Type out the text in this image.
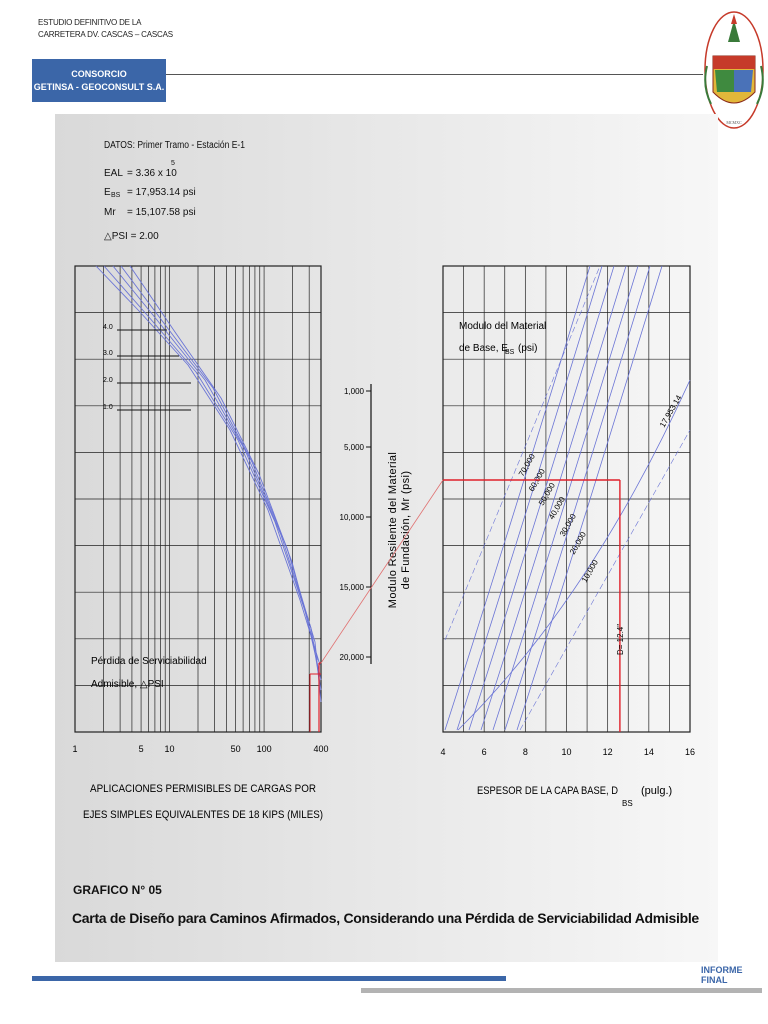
ESTUDIO DEFINITIVO DE LA
CARRETERA DV. CASCAS – CASCAS
CONSORCIO
GETINSA - GEOCONSULT S.A.
MCMXC
DATOS: Primer Tramo - Estación E-1
EAL = 3.36 x 10
5
E BS = 17,953.14 psi
Mr = 15,107.58 psi
△PSI = 2.00
4.0
3.0
2.0
1.0
1	5 10	50 100	400
Pérdida de Serviciabilidad
Admisible, △PSI
APLICACIONES PERMISIBLES DE CARGAS POR
EJES SIMPLES EQUIVALENTES DE 18 KIPS (MILES)
1,000
5,000
10,000
15,000
20,000
Modulo Resilente del Material de Fundación, Mr (psi)
70,000
60,000
50,000
40,000
30,000
20,000
10,000
17,953.14
4	6	8	10	12	14	16
Modulo del Material
de Base, E
BS (psi)
ESPESOR DE LA CAPA BASE, D
BS
(pulg.)
D= 12.4"
GRAFICO N° 05
Carta de Diseño para Caminos Afirmados, Considerando una Pérdida de Serviciabilidad Admisible
INFORME FINAL
